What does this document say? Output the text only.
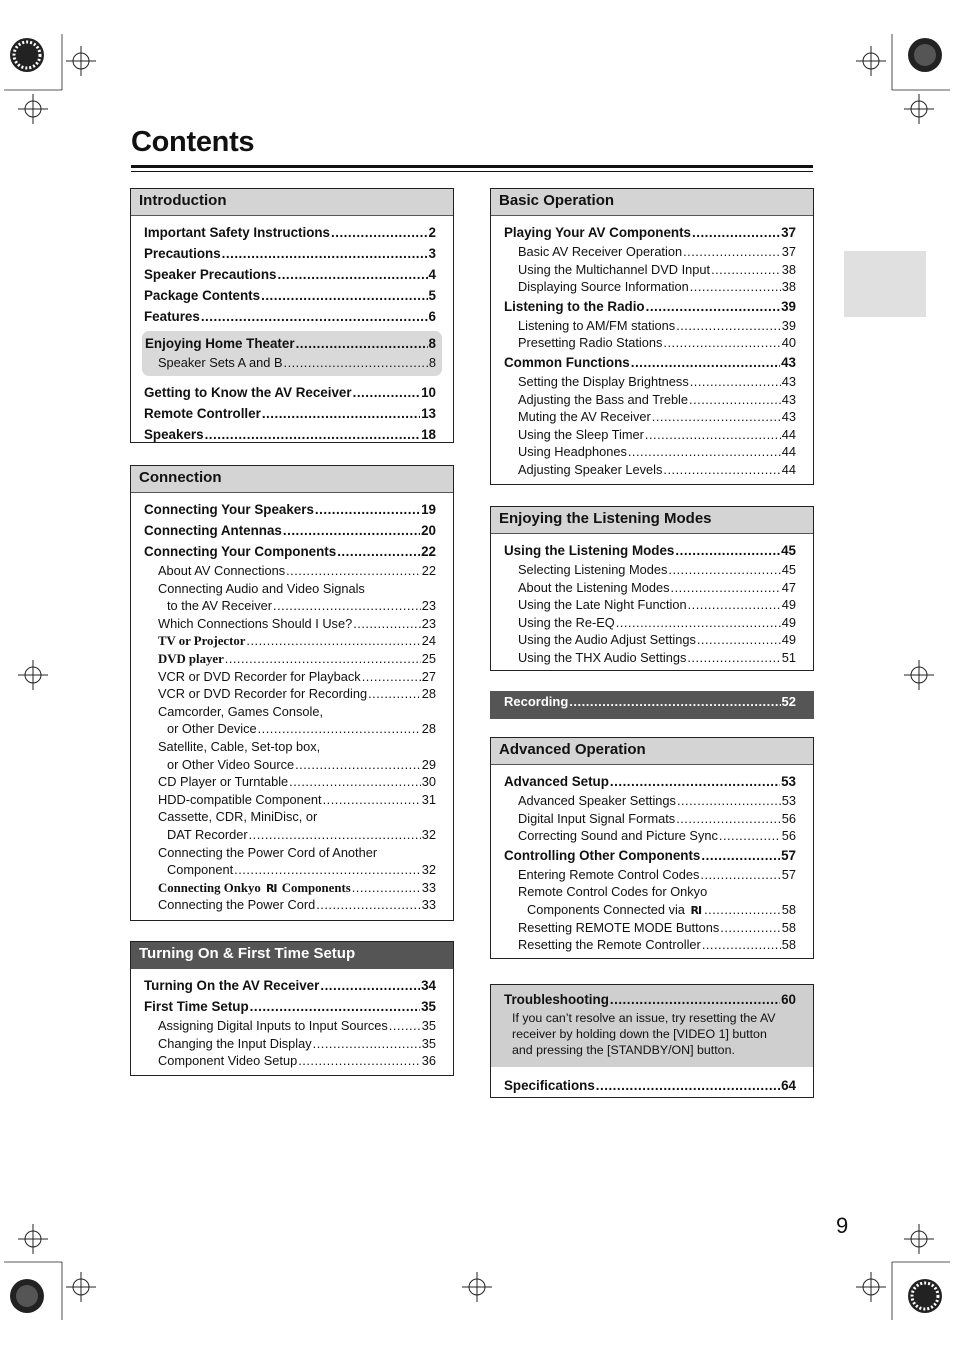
Contents
9
Introduction
Important Safety Instructions .....	2
Precautions .....	3
Speaker Precautions .....	4
Package Contents .....	5
Features .....	6
Enjoying Home Theater .....	8
Speaker Sets A and B .....	8
Getting to Know the AV Receiver .....	10
Remote Controller .....	13
Speakers .....	18
Connection
Connecting Your Speakers .....	19
Connecting Antennas .....	20
Connecting Your Components .....	22
About AV Connections .....	22
Connecting Audio and Video Signals
to the AV Receiver .....	23
Which Connections Should I Use? .....	23
TV or Projector .....	24
DVD player .....	25
VCR or DVD Recorder for Playback .....	27
VCR or DVD Recorder for Recording .....	28
Camcorder, Games Console,
or Other Device .....	28
Satellite, Cable, Set-top box,
or Other Video Source .....	29
CD Player or Turntable .....	30
HDD-compatible Component .....	31
Cassette, CDR, MiniDisc, or
DAT Recorder .....	32
Connecting the Power Cord of Another
Component .....	32
Connecting Onkyo RI Components .....	33
Connecting the Power Cord .....	33
Turning On & First Time Setup
Turning On the AV Receiver .....	34
First Time Setup .....	35
Assigning Digital Inputs to Input Sources .....	35
Changing the Input Display .....	35
Component Video Setup .....	36
Basic Operation
Playing Your AV Components .....	37
Basic AV Receiver Operation .....	37
Using the Multichannel DVD Input .....	38
Displaying Source Information .....	38
Listening to the Radio .....	39
Listening to AM/FM stations .....	39
Presetting Radio Stations .....	40
Common Functions .....	43
Setting the Display Brightness .....	43
Adjusting the Bass and Treble .....	43
Muting the AV Receiver .....	43
Using the Sleep Timer .....	44
Using Headphones .....	44
Adjusting Speaker Levels .....	44
Enjoying the Listening Modes
Using the Listening Modes .....	45
Selecting Listening Modes .....	45
About the Listening Modes .....	47
Using the Late Night Function .....	49
Using the Re-EQ .....	49
Using the Audio Adjust Settings .....	49
Using the THX Audio Settings .....	51
Recording .....	52
Advanced Operation
Advanced Setup .....	53
Advanced Speaker Settings .....	53
Digital Input Signal Formats .....	56
Correcting Sound and Picture Sync .....	56
Controlling Other Components .....	57
Entering Remote Control Codes .....	57
Remote Control Codes for Onkyo
Components Connected via RI .....	58
Resetting REMOTE MODE Buttons .....	58
Resetting the Remote Controller .....	58
Troubleshooting .....	60
If you can’t resolve an issue, try resetting the AV
receiver by holding down the [VIDEO 1] button
and pressing the [STANDBY/ON] button.
Specifications .....	64
